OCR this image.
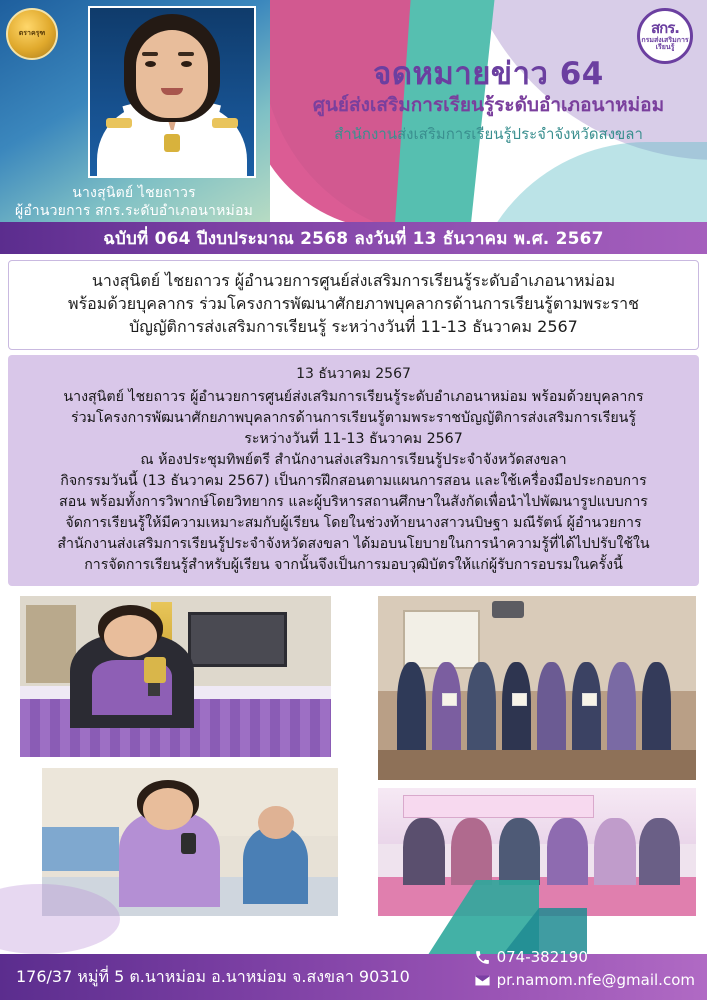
ตราครุฑ
นางสุนิตย์ ไชยถาวร
ผู้อำนวยการ สกร.ระดับอำเภอนาหม่อม
จดหมายข่าว 64
ศูนย์ส่งเสริมการเรียนรู้ระดับอำเภอนาหม่อม
สำนักงานส่งเสริมการเรียนรู้ประจำจังหวัดสงขลา
สกร.
กรมส่งเสริมการเรียนรู้
ฉบับที่ 064 ปีงบประมาณ 2568 ลงวันที่ 13 ธันวาคม พ.ศ. 2567

นางสุนิตย์ ไชยถาวร ผู้อำนวยการศูนย์ส่งเสริมการเรียนรู้ระดับอำเภอนาหม่อม

พร้อมด้วยบุคลากร ร่วมโครงการพัฒนาศักยภาพบุคลากรด้านการเรียนรู้ตามพระราช

บัญญัติการส่งเสริมการเรียนรู้ ระหว่างวันที่ 11-13 ธันวาคม 2567

13 ธันวาคม 2567

นางสุนิตย์ ไชยถาวร ผู้อำนวยการศูนย์ส่งเสริมการเรียนรู้ระดับอำเภอนาหม่อม พร้อมด้วยบุคลากร

ร่วมโครงการพัฒนาศักยภาพบุคลากรด้านการเรียนรู้ตามพระราชบัญญัติการส่งเสริมการเรียนรู้

ระหว่างวันที่ 11-13 ธันวาคม 2567

ณ ห้องประชุมทิพย์ตรี สำนักงานส่งเสริมการเรียนรู้ประจำจังหวัดสงขลา

กิจกรรมวันนี้ (13 ธันวาคม 2567) เป็นการฝึกสอนตามแผนการสอน และใช้เครื่องมือประกอบการ

สอน พร้อมทั้งการวิพากษ์โดยวิทยากร และผู้บริหารสถานศึกษาในสังกัดเพื่อนำไปพัฒนารูปแบบการ

จัดการเรียนรู้ให้มีความเหมาะสมกับผู้เรียน โดยในช่วงท้ายนางสาวนบิษฐา มณีรัตน์ ผู้อำนวยการ

สำนักงานส่งเสริมการเรียนรู้ประจำจังหวัดสงขลา ได้มอบนโยบายในการนำความรู้ที่ได้ไปปรับใช้ใน

การจัดการเรียนรู้สำหรับผู้เรียน จากนั้นจึงเป็นการมอบวุฒิบัตรให้แก่ผู้รับการอบรมในครั้งนี้

176/37 หมู่ที่ 5 ต.นาหม่อม อ.นาหม่อม จ.สงขลา 90310
074-382190
pr.namom.nfe@gmail.com
